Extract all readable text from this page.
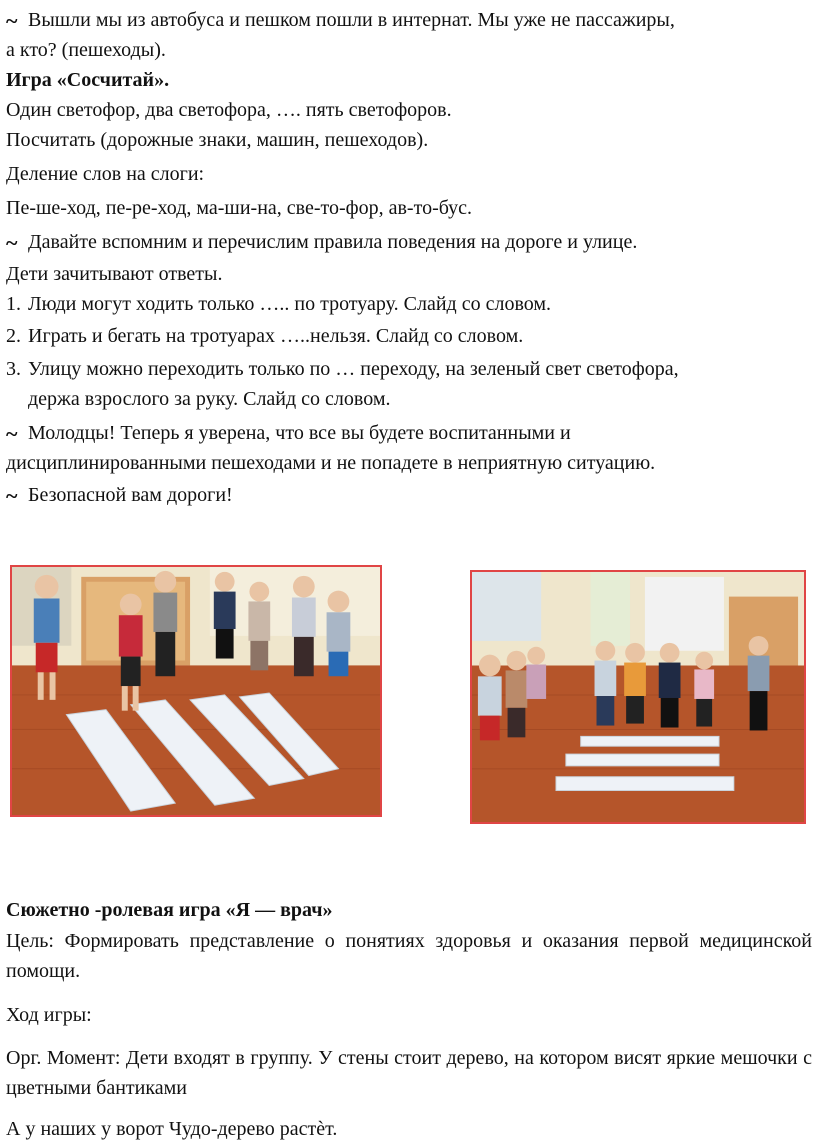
~ Вышли мы из автобуса и пешком пошли в интернат. Мы уже не пассажиры,
а кто? (пешеходы).
Игра «Сосчитай».
Один светофор, два светофора, …. пять светофоров.
Посчитать (дорожные знаки, машин, пешеходов).
Деление слов на слоги:
Пе-ше-ход, пе-ре-ход, ма-ши-на, све-то-фор, ав-то-бус.
~ Давайте вспомним и перечислим правила поведения на дороге и улице.
Дети зачитывают ответы.
1. Люди могут ходить только ….. по тротуару. Слайд со словом.
2. Играть и бегать на тротуарах …..нельзя. Слайд со словом.
3. Улицу можно переходить только по … переходу, на зеленый свет светофора,
держа взрослого за руку. Слайд со словом.
~ Молодцы! Теперь я уверена, что все вы будете воспитанными и
дисциплинированными пешеходами и не попадете в неприятную ситуацию.
~ Безопасной вам дороги!
Сюжетно -ролевая игра «Я — врач»
Цель: Формировать представление о понятиях здоровья и оказания первой медицинской помощи.
Ход игры:
Орг. Момент: Дети входят в группу. У стены стоит дерево, на котором висят яркие мешочки с цветными бантиками
А у наших у ворот Чудо-дерево растѐт.
